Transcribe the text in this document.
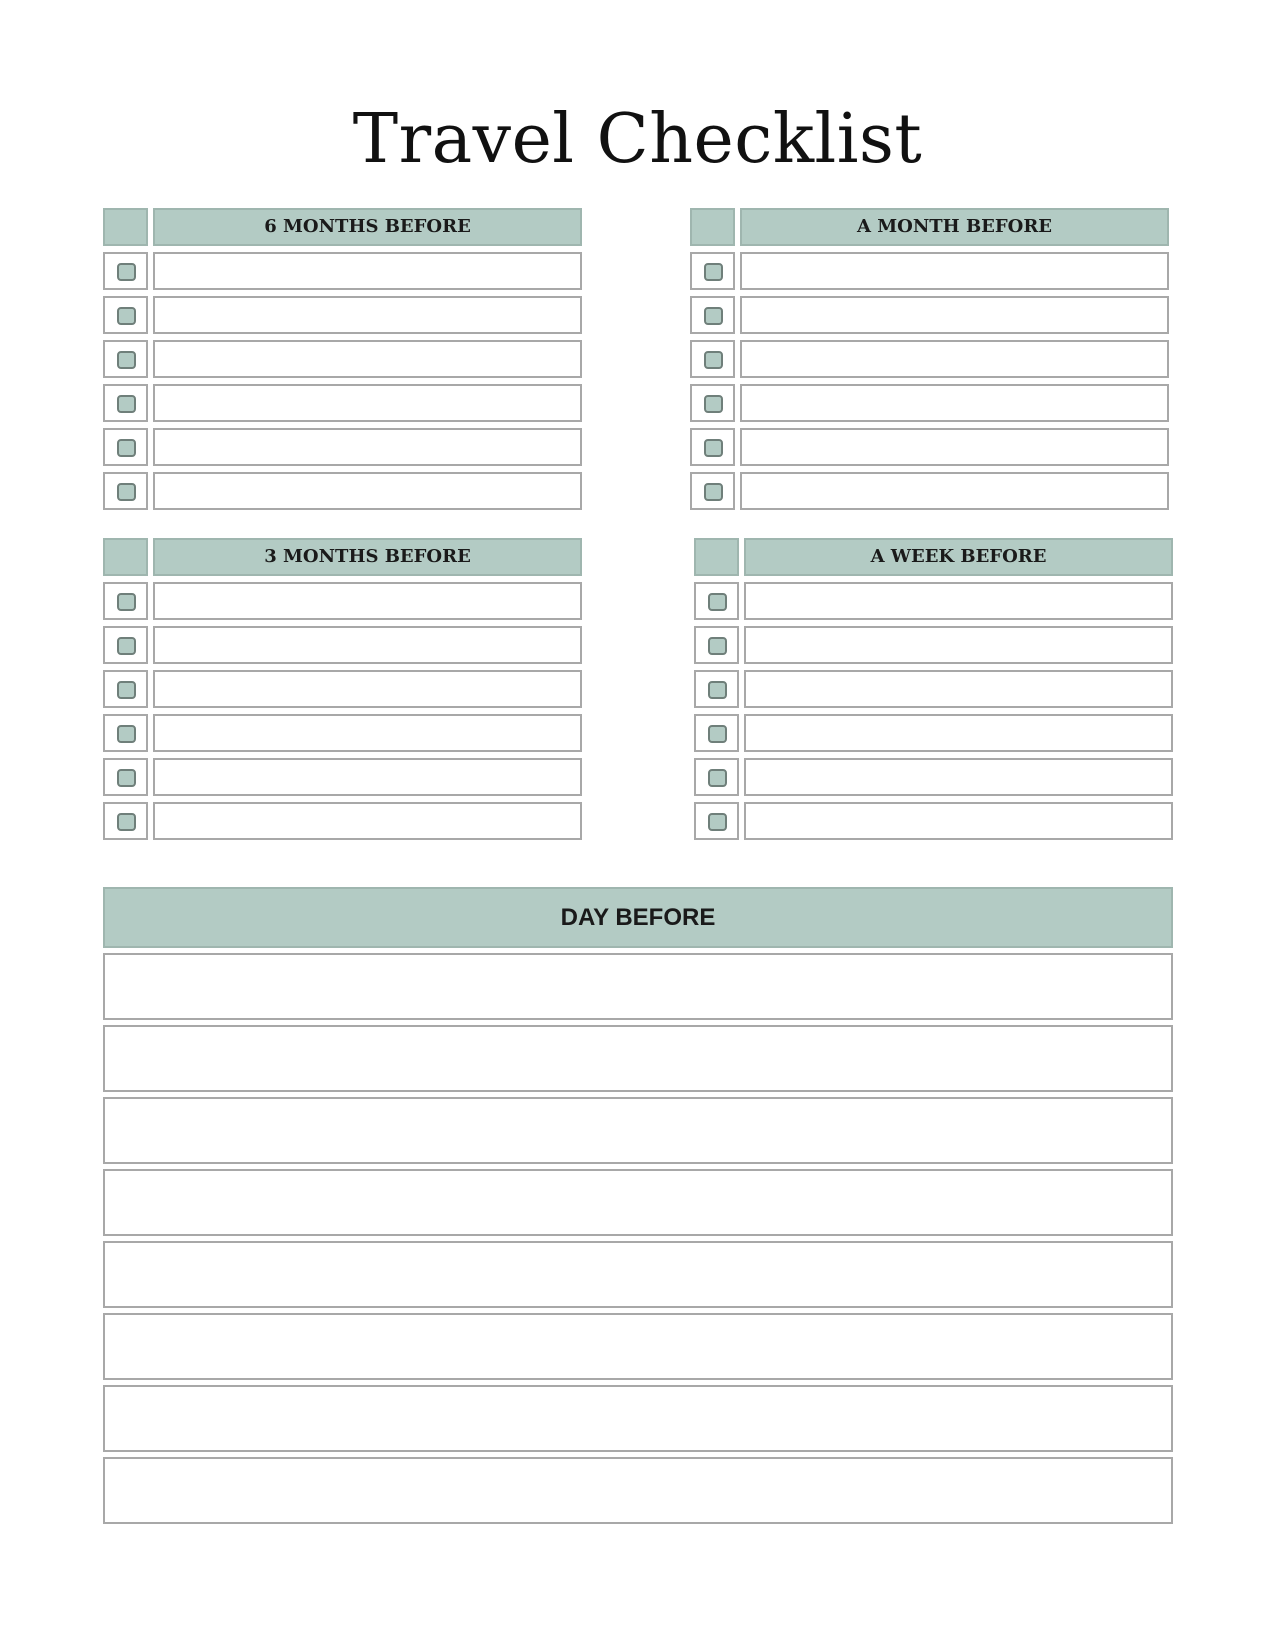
Travel Checklist
6 MONTHS BEFORE	A MONTH BEFORE
3 MONTHS BEFORE	A WEEK BEFORE
DAY BEFORE
